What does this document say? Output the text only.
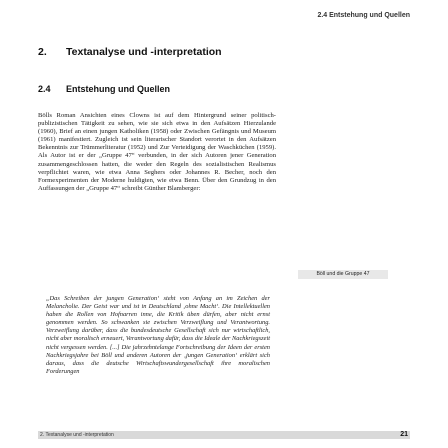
2.4 Entstehung und Quellen
2. Textanalyse und -interpretation
2.4 Entstehung und Quellen

Bölls Roman Ansichten eines Clowns ist auf dem Hintergrund seiner politisch-publizistischen Tätigkeit zu sehen, wie sie sich etwa in den Aufsätzen Hierzulande (1960), Brief an einen jungen Katholiken (1958) oder Zwischen Gefängnis und Museum (1961) manifestiert. Zugleich ist sein literarischer Standort verortet in den Aufsätzen Bekenntnis zur Trümmerliteratur (1952) und Zur Verteidigung der Waschküchen (1959). Als Autor ist er der „Gruppe 47“ verbunden, in der sich Autoren jener Generation zusammengeschlossen hatten, die weder den Regeln des sozialistischen Realismus verpflichtet waren, wie etwa Anna Seghers oder Johannes R. Becher, noch den Formexperimenten der Moderne huldigten, wie etwa Benn. Über den Grundzug in den Auffassungen der „Gruppe 47“ schreibt Günther Blamberger:

„Das Schreiben der jungen Generation‘ steht von Anfang an im Zeichen der Melancholie. Der Geist war und ist in Deutschland ‚ohne Macht‘. Die Intellektuellen haben die Rollen von Hofnarren inne, die Kritik üben dürfen, aber nicht ernst genommen werden. So schwanken sie zwischen Verzweiflung und Verantwortung. Verzweiflung darüber, dass die bundesdeutsche Gesellschaft sich nur wirtschaftlich, nicht aber moralisch erneuert, Verantwortung dafür, dass die Ideale der Nachkriegszeit nicht vergessen werden. [...] Die jahrzehntelange Fortschreibung der Ideen der ersten Nachkriegsjahre bei Böll und anderen Autoren der ‚jungen Generation‘ erklärt sich daraus, dass die deutsche Wirtschaftswundergesellschaft ihre moralischen Forderungen
Böll und die Gruppe 47
2. Textanalyse und -interpretation	21
